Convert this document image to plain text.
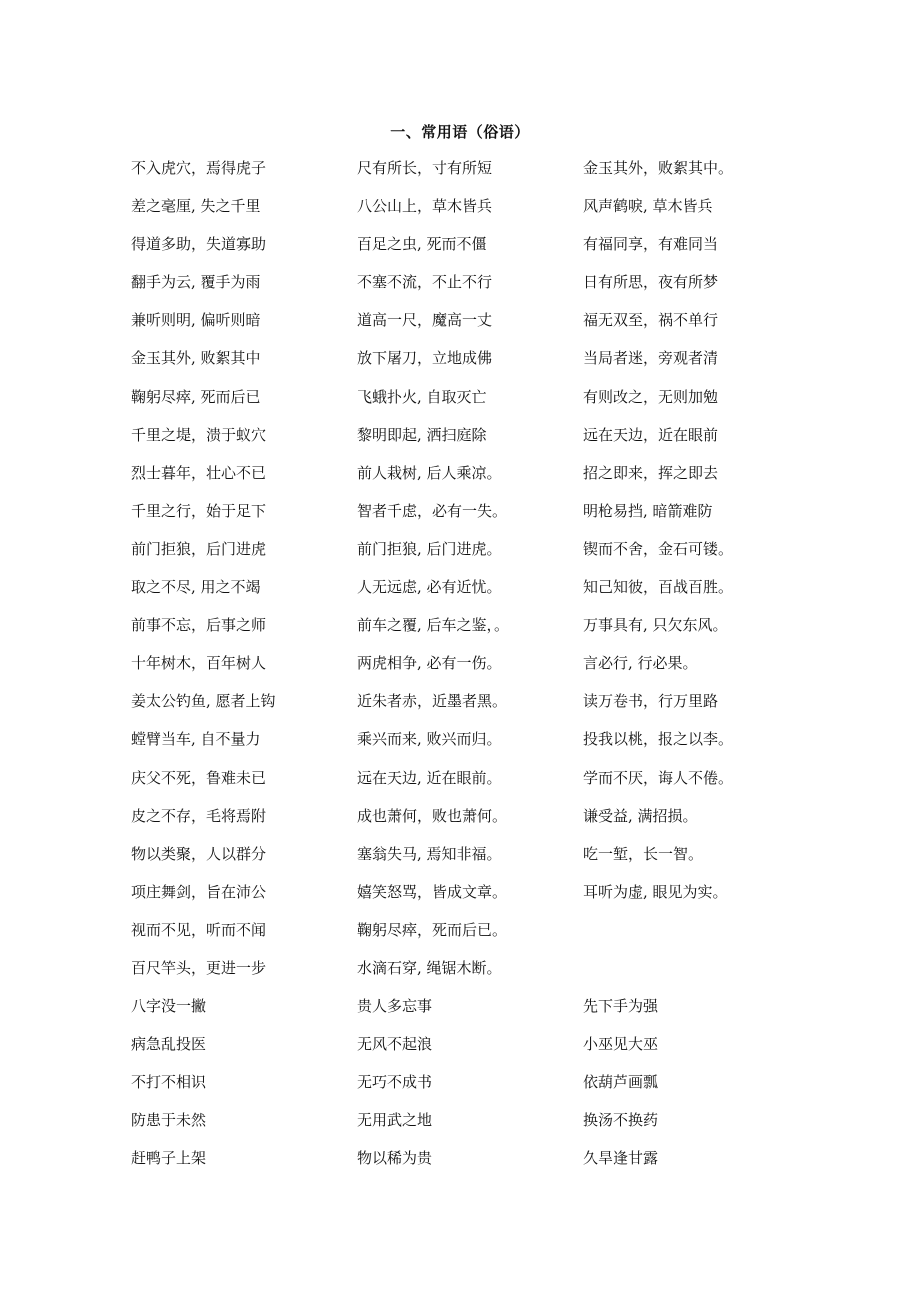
一、常用语（俗语）
不入虎穴，焉得虎子	尺有所长，寸有所短	金玉其外，败絮其中。
差之毫厘, 失之千里	八公山上，草木皆兵	风声鹤唳, 草木皆兵
得道多助，失道寡助	百足之虫, 死而不僵	有福同享，有难同当
翻手为云, 覆手为雨	不塞不流，不止不行	日有所思，夜有所梦
兼听则明, 偏听则暗	道高一尺，魔高一丈	福无双至，祸不单行
金玉其外, 败絮其中	放下屠刀，立地成佛	当局者迷，旁观者清
鞠躬尽瘁, 死而后已	飞蛾扑火, 自取灭亡	有则改之，无则加勉
千里之堤，溃于蚁穴	黎明即起, 洒扫庭除	远在天边，近在眼前
烈士暮年，壮心不已	前人栽树, 后人乘凉。	招之即来，挥之即去
千里之行，始于足下	智者千虑，必有一失。	明枪易挡, 暗箭难防
前门拒狼，后门进虎	前门拒狼, 后门进虎。	锲而不舍，金石可镂。
取之不尽, 用之不竭	人无远虑, 必有近忧。	知己知彼，百战百胜。
前事不忘，后事之师	前车之覆, 后车之鉴，。	万事具有, 只欠东风。
十年树木，百年树人	两虎相争, 必有一伤。	言必行, 行必果。
姜太公钓鱼, 愿者上钩	近朱者赤，近墨者黑。	读万卷书，行万里路
螳臂当车, 自不量力	乘兴而来, 败兴而归。	投我以桃，报之以李。
庆父不死，鲁难未已	远在天边, 近在眼前。	学而不厌，诲人不倦。
皮之不存，毛将焉附	成也萧何，败也萧何。	谦受益, 满招损。
物以类聚，人以群分	塞翁失马, 焉知非福。	吃一堑，长一智。
项庄舞剑，旨在沛公	嬉笑怒骂，皆成文章。	耳听为虚, 眼见为实。
视而不见，听而不闻	鞠躬尽瘁，死而后已。
百尺竿头，更进一步	水滴石穿, 绳锯木断。
八字没一撇	贵人多忘事	先下手为强
病急乱投医	无风不起浪	小巫见大巫
不打不相识	无巧不成书	依葫芦画瓢
防患于未然	无用武之地	换汤不换药
赶鸭子上架	物以稀为贵	久旱逢甘露
